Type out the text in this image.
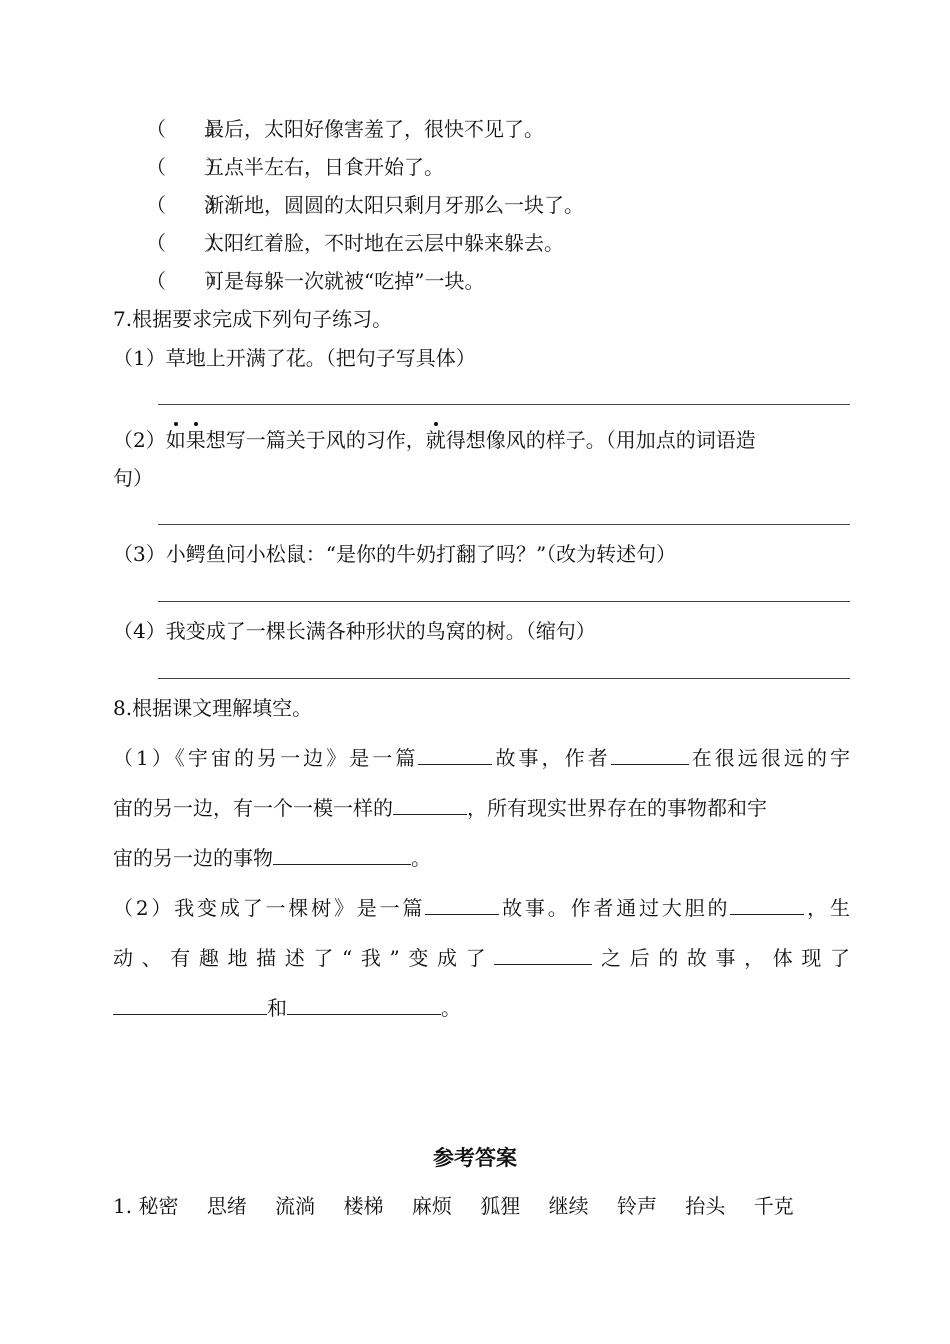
（　　）最后，太阳好像害羞了，很快不见了。
（　　）五点半左右，日食开始了。
（　　）渐渐地，圆圆的太阳只剩月牙那么一块了。
（　　）太阳红着脸，不时地在云层中躲来躲去。
（　　）可是每躲一次就被“吃掉”一块。
7.根据要求完成下列句子练习。
（1）草地上开满了花。（把句子写具体）
（2）如果想写一篇关于风的习作，就得想像风的样子。（用加点的词语造
句）
（3）小鳄鱼问小松鼠：“是你的牛奶打翻了吗？”（改为转述句）
（4）我变成了一棵长满各种形状的鸟窝的树。（缩句）
8.根据课文理解填空。
（1）《宇宙的另一边》是一篇	故事，作者	在很远很远的宇
宙的另一边，有一个一模一样的	，所有现实世界存在的事物都和宇
宙的另一边的事物	。
（2）我变成了一棵树》是一篇	故事。作者通过大胆的	，生
动、有趣地描述了“我”变成了	之后的故事，体现了
和	。
参考答案
1. 秘密 思绪 流淌 楼梯 麻烦 狐狸 继续 铃声 抬头 千克
